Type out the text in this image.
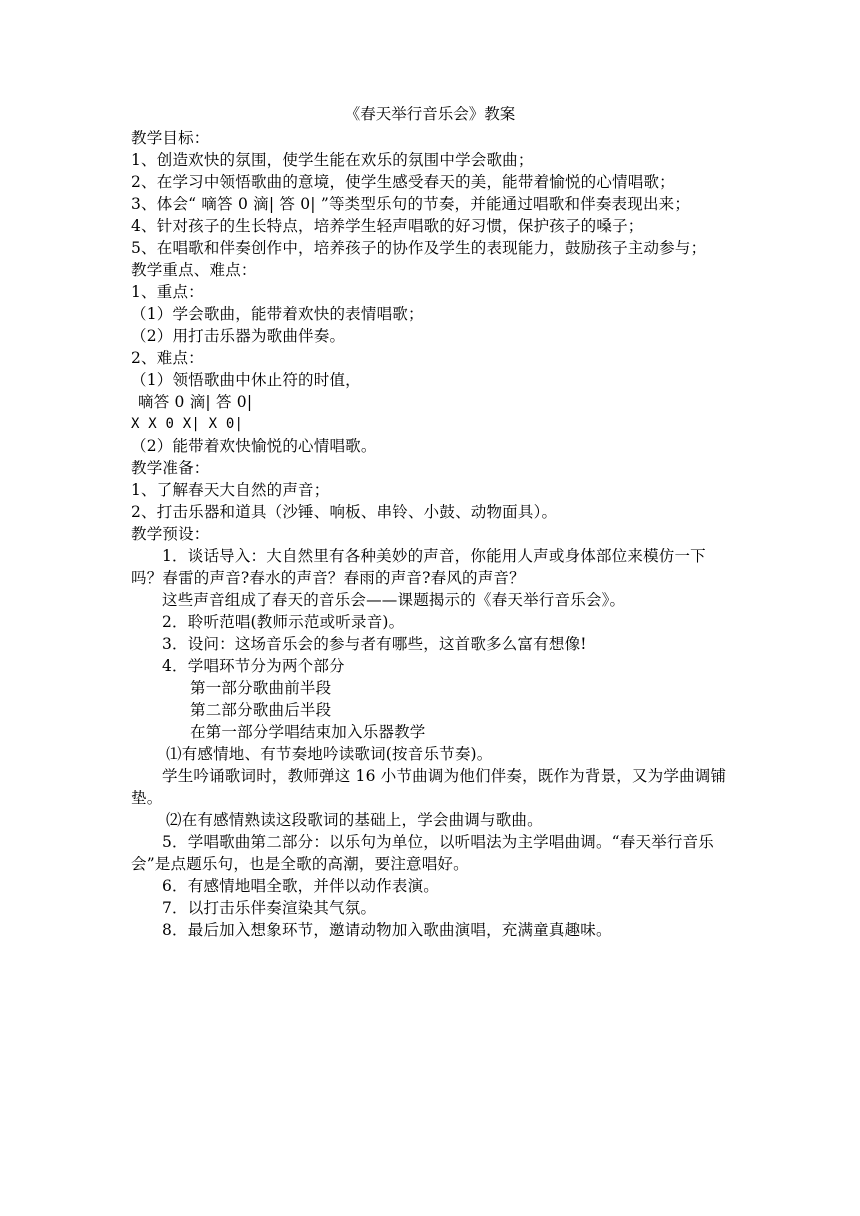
《春天举行音乐会》教案
教学目标：
1、创造欢快的氛围，使学生能在欢乐的氛围中学会歌曲；
2、在学习中领悟歌曲的意境，使学生感受春天的美，能带着愉悦的心情唱歌；
3、体会“ 嘀答 0 滴| 答 0| ”等类型乐句的节奏，并能通过唱歌和伴奏表现出来；
4、针对孩子的生长特点，培养学生轻声唱歌的好习惯，保护孩子的嗓子；
5、在唱歌和伴奏创作中，培养孩子的协作及学生的表现能力，鼓励孩子主动参与；
教学重点、难点：
1、重点：
（1）学会歌曲，能带着欢快的表情唱歌；
（2）用打击乐器为歌曲伴奏。
2、难点：
（1）领悟歌曲中休止符的时值，
嘀答 0 滴| 答 0|
X X 0 X| X 0|
（2）能带着欢快愉悦的心情唱歌。
教学准备：
1、了解春天大自然的声音；
2、打击乐器和道具（沙锤、响板、串铃、小鼓、动物面具）。
教学预设：
1．谈话导入：大自然里有各种美妙的声音，你能用人声或身体部位来模仿一下吗？春雷的声音?春水的声音？春雨的声音?春风的声音？
这些声音组成了春天的音乐会——课题揭示的《春天举行音乐会》。
2．聆听范唱(教师示范或听录音)。
3．设问：这场音乐会的参与者有哪些，这首歌多么富有想像!
4．学唱环节分为两个部分
第一部分歌曲前半段
第二部分歌曲后半段
在第一部分学唱结束加入乐器教学
⑴有感情地、有节奏地吟读歌词(按音乐节奏)。
学生吟诵歌词时，教师弹这 16 小节曲调为他们伴奏，既作为背景，又为学曲调铺垫。
⑵在有感情熟读这段歌词的基础上，学会曲调与歌曲。
5．学唱歌曲第二部分：以乐句为单位，以听唱法为主学唱曲调。“春天举行音乐会”是点题乐句，也是全歌的高潮，要注意唱好。
6．有感情地唱全歌，并伴以动作表演。
7．以打击乐伴奏渲染其气氛。
8．最后加入想象环节，邀请动物加入歌曲演唱，充满童真趣味。
